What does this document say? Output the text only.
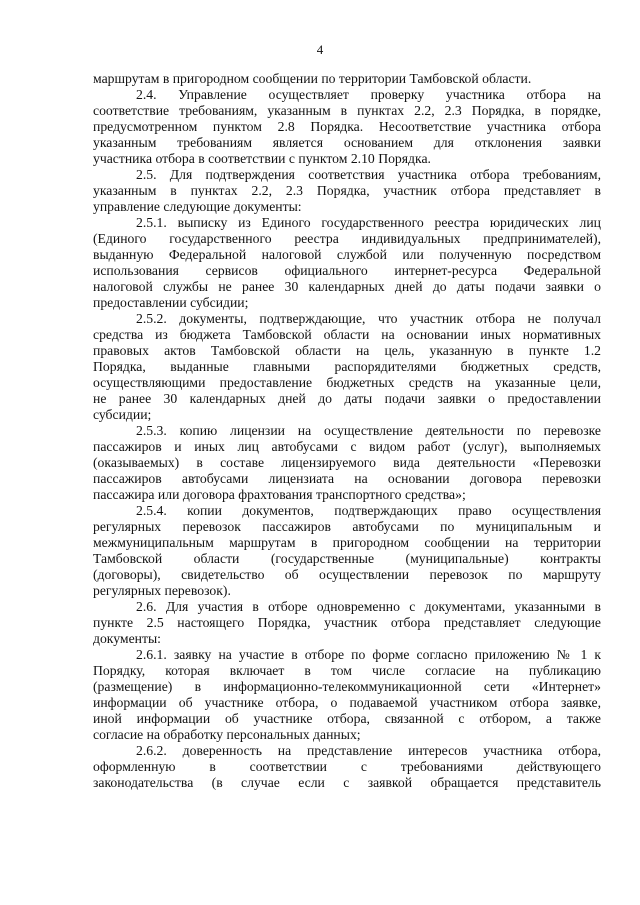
4
маршрутам в пригородном сообщении по территории Тамбовской области.
2.4. Управление осуществляет проверку участника отбора на
соответствие требованиям, указанным в пунктах 2.2, 2.3 Порядка, в порядке,
предусмотренном пунктом 2.8 Порядка. Несоответствие участника отбора
указанным требованиям является основанием для отклонения заявки
участника отбора в соответствии с пунктом 2.10 Порядка.
2.5. Для подтверждения соответствия участника отбора требованиям,
указанным в пунктах 2.2, 2.3 Порядка, участник отбора представляет в
управление следующие документы:
2.5.1. выписку из Единого государственного реестра юридических лиц
(Единого государственного реестра индивидуальных предпринимателей),
выданную Федеральной налоговой службой или полученную посредством
использования сервисов официального интернет-ресурса Федеральной
налоговой службы не ранее 30 календарных дней до даты подачи заявки о
предоставлении субсидии;
2.5.2. документы, подтверждающие, что участник отбора не получал
средства из бюджета Тамбовской области на основании иных нормативных
правовых актов Тамбовской области на цель, указанную в пункте 1.2
Порядка, выданные главными распорядителями бюджетных средств,
осуществляющими предоставление бюджетных средств на указанные цели,
не ранее 30 календарных дней до даты подачи заявки о предоставлении
субсидии;
2.5.3. копию лицензии на осуществление деятельности по перевозке
пассажиров и иных лиц автобусами с видом работ (услуг), выполняемых
(оказываемых) в составе лицензируемого вида деятельности «Перевозки
пассажиров автобусами лицензиата на основании договора перевозки
пассажира или договора фрахтования транспортного средства»;
2.5.4. копии документов, подтверждающих право осуществления
регулярных перевозок пассажиров автобусами по муниципальным и
межмуниципальным маршрутам в пригородном сообщении на территории
Тамбовской области (государственные (муниципальные) контракты
(договоры), свидетельство об осуществлении перевозок по маршруту
регулярных перевозок).
2.6. Для участия в отборе одновременно с документами, указанными в
пункте 2.5 настоящего Порядка, участник отбора представляет следующие
документы:
2.6.1. заявку на участие в отборе по форме согласно приложению № 1 к
Порядку, которая включает в том числе согласие на публикацию
(размещение) в информационно-телекоммуникационной сети «Интернет»
информации об участнике отбора, о подаваемой участником отбора заявке,
иной информации об участнике отбора, связанной с отбором, а также
согласие на обработку персональных данных;
2.6.2. доверенность на представление интересов участника отбора,
оформленную в соответствии с требованиями действующего
законодательства (в случае если с заявкой обращается представитель
